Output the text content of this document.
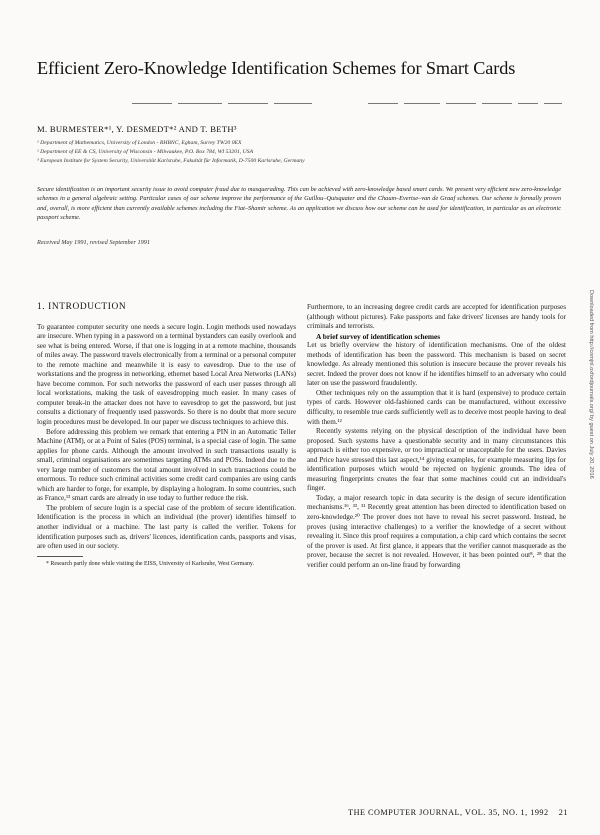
Efficient Zero-Knowledge Identification Schemes for Smart Cards
M. BURMESTER*¹, Y. DESMEDT*² AND T. BETH³
¹ Department of Mathematics, University of London - RHBNC, Egham, Surrey TW20 0EX
² Department of EE & CS, University of Wisconsin - Milwaukee, P.O. Box 784, WI 53201, USA
³ European Institute for System Security, Universität Karlsruhe, Fakultät für Informatik, D-7500 Karlsruhe, Germany
Secure identification is an important security issue to avoid computer fraud due to masquerading. This can be achieved with zero-knowledge based smart cards. We present very efficient new zero-knowledge schemes in a general algebraic setting. Particular cases of our scheme improve the performance of the Guillou–Quisquater and the Chaum–Evertse–van de Graaf schemes. Our scheme is formally proven and, overall, is more efficient than currently available schemes including the Fiat–Shamir scheme. As an application we discuss how our scheme can be used for identification, in particular as an electronic passport scheme.
Received May 1991, revised September 1991
1. INTRODUCTION

To guarantee computer security one needs a secure login. Login methods used nowadays are insecure. When typing in a password on a terminal bystanders can easily overlook and see what is being entered. Worse, if that one is logging in at a remote machine, thousands of miles away. The password travels electronically from a terminal or a personal computer to the remote machine and meanwhile it is easy to eavesdrop. Due to the use of workstations and the progress in networking, ethernet based Local Area Networks (LANs) have become common. For such networks the password of each user passes through all local workstations, making the task of eavesdropping much easier. In many cases of computer break-in the attacker does not have to eavesdrop to get the password, but just consults a dictionary of frequently used passwords. So there is no doubt that more secure login procedures must be developed. In our paper we discuss techniques to achieve this.

Before addressing this problem we remark that entering a PIN in an Automatic Teller Machine (ATM), or at a Point of Sales (POS) terminal, is a special case of login. The same applies for phone cards. Although the amount involved in such transactions usually is small, criminal organisations are sometimes targeting ATMs and POSs. Indeed due to the very large number of customers the total amount involved in such transactions could be enormous. To reduce such criminal activities some credit card companies are using cards which are harder to forge, for example, by displaying a hologram. In some countries, such as France,¹³ smart cards are already in use today to further reduce the risk.

The problem of secure login is a special case of the problem of secure identification. Identification is the process in which an individual (the prover) identifies himself to another individual or a machine. The last party is called the verifier. Tokens for identification purposes such as, drivers' licences, identification cards, passports and visas, are often used in our society.

* Research partly done while visiting the EISS, University of Karlsruhe, West Germany.

Furthermore, to an increasing degree credit cards are accepted for identification purposes (although without pictures). Fake passports and fake drivers' licenses are handy tools for criminals and terrorists.

A brief survey of identification schemes

Let us briefly overview the history of identification mechanisms. One of the oldest methods of identification has been the password. This mechanism is based on secret knowledge. As already mentioned this solution is insecure because the prover reveals his secret. Indeed the prover does not know if he identifies himself to an adversary who could later on use the password fraudulently.

Other techniques rely on the assumption that it is hard (expensive) to produce certain types of cards. However old-fashioned cards can be manufactured, without excessive difficulty, to resemble true cards sufficiently well as to deceive most people having to deal with them.¹²

Recently systems relying on the physical description of the individual have been proposed. Such systems have a questionable security and in many circumstances this approach is either too expensive, or too impractical or unacceptable for the users. Davies and Price have stressed this last aspect,¹⁴ giving examples, for example measuring lips for identification purposes which would be rejected on hygienic grounds. The idea of measuring fingerprints creates the fear that some machines could cut an individual's finger.

Today, a major research topic in data security is the design of secure identification mechanisms.¹⁶, ³³, ³¹ Recently great attention has been directed to identification based on zero-knowledge.²⁰ The prover does not have to reveal his secret password. Instead, he proves (using interactive challenges) to a verifier the knowledge of a secret without revealing it. Since this proof requires a computation, a chip card which contains the secret of the prover is used. At first glance, it appears that the verifier cannot masquerade as the prover, because the secret is not revealed. However, it has been pointed out⁸, ²⁸ that the verifier could perform an on-line fraud by forwarding

Downloaded from http://comjnl.oxfordjournals.org/ by guest on July 20, 2016
THE COMPUTER JOURNAL, VOL. 35, NO. 1, 1992    21
